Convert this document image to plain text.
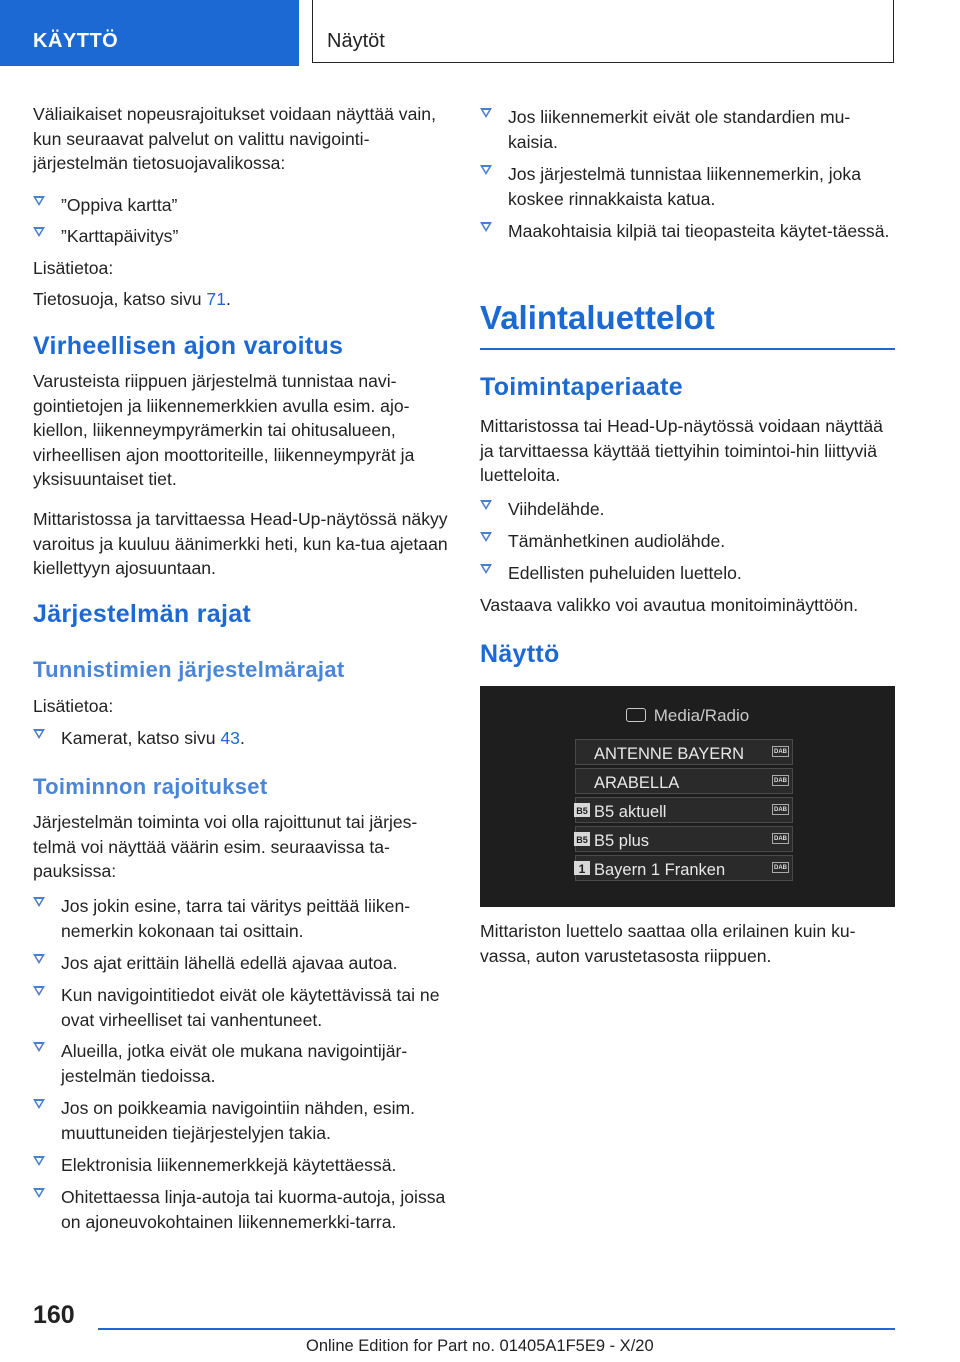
KÄYTTÖ	Näytöt

Väliaikaiset nopeusrajoitukset voidaan näyttää vain, kun seuraavat palvelut on valittu navigointi-järjestelmän tietosuojavalikossa:

”Oppiva kartta”
”Karttapäivitys”

Lisätietoa:

Tietosuoja, katso sivu 71.

Virheellisen ajon varoitus

Varusteista riippuen järjestelmä tunnistaa navi-gointietojen ja liikennemerkkien avulla esim. ajo-kiellon, liikenneympyrämerkin tai ohitusalueen, virheellisen ajon moottoriteille, liikenneympyrät ja yksisuuntaiset tiet.

Mittaristossa ja tarvittaessa Head-Up-näytössä näkyy varoitus ja kuuluu äänimerkki heti, kun ka-tua ajetaan kiellettyyn ajosuuntaan.

Järjestelmän rajat
Tunnistimien järjestelmärajat

Lisätietoa:

Kamerat, katso sivu 43.
Toiminnon rajoitukset

Järjestelmän toiminta voi olla rajoittunut tai järjes-telmä voi näyttää väärin esim. seuraavissa ta-pauksissa:

Jos jokin esine, tarra tai väritys peittää liiken-nemerkin kokonaan tai osittain.
Jos ajat erittäin lähellä edellä ajavaa autoa.
Kun navigointitiedot eivät ole käytettävissä tai ne ovat virheelliset tai vanhentuneet.
Alueilla, jotka eivät ole mukana navigointijär-jestelmän tiedoissa.
Jos on poikkeamia navigointiin nähden, esim. muuttuneiden tiejärjestelyjen takia.
Elektronisia liikennemerkkejä käytettäessä.
Ohitettaessa linja-autoja tai kuorma-autoja, joissa on ajoneuvokohtainen liikennemerkki-tarra.
Jos liikennemerkit eivät ole standardien mu-kaisia.
Jos järjestelmä tunnistaa liikennemerkin, joka koskee rinnakkaista katua.
Maakohtaisia kilpiä tai tieopasteita käytet-täessä.
Valintaluettelot
Toimintaperiaate

Mittaristossa tai Head-Up-näytössä voidaan näyttää ja tarvittaessa käyttää tiettyihin toimintoi-hin liittyviä luetteloita.

Viihdelähde.
Tämänhetkinen audiolähde.
Edellisten puheluiden luettelo.

Vastaava valikko voi avautua monitoiminäyttöön.

Näyttö
Media/Radio
ANTENNE BAYERN	DAB
ARABELLA	DAB
B5 B5 aktuell	DAB
B5 B5 plus	DAB
1 Bayern 1 Franken	DAB

Mittariston luettelo saattaa olla erilainen kuin ku-vassa, auton varustetasosta riippuen.

160
Online Edition for Part no. 01405A1F5E9 - X/20
